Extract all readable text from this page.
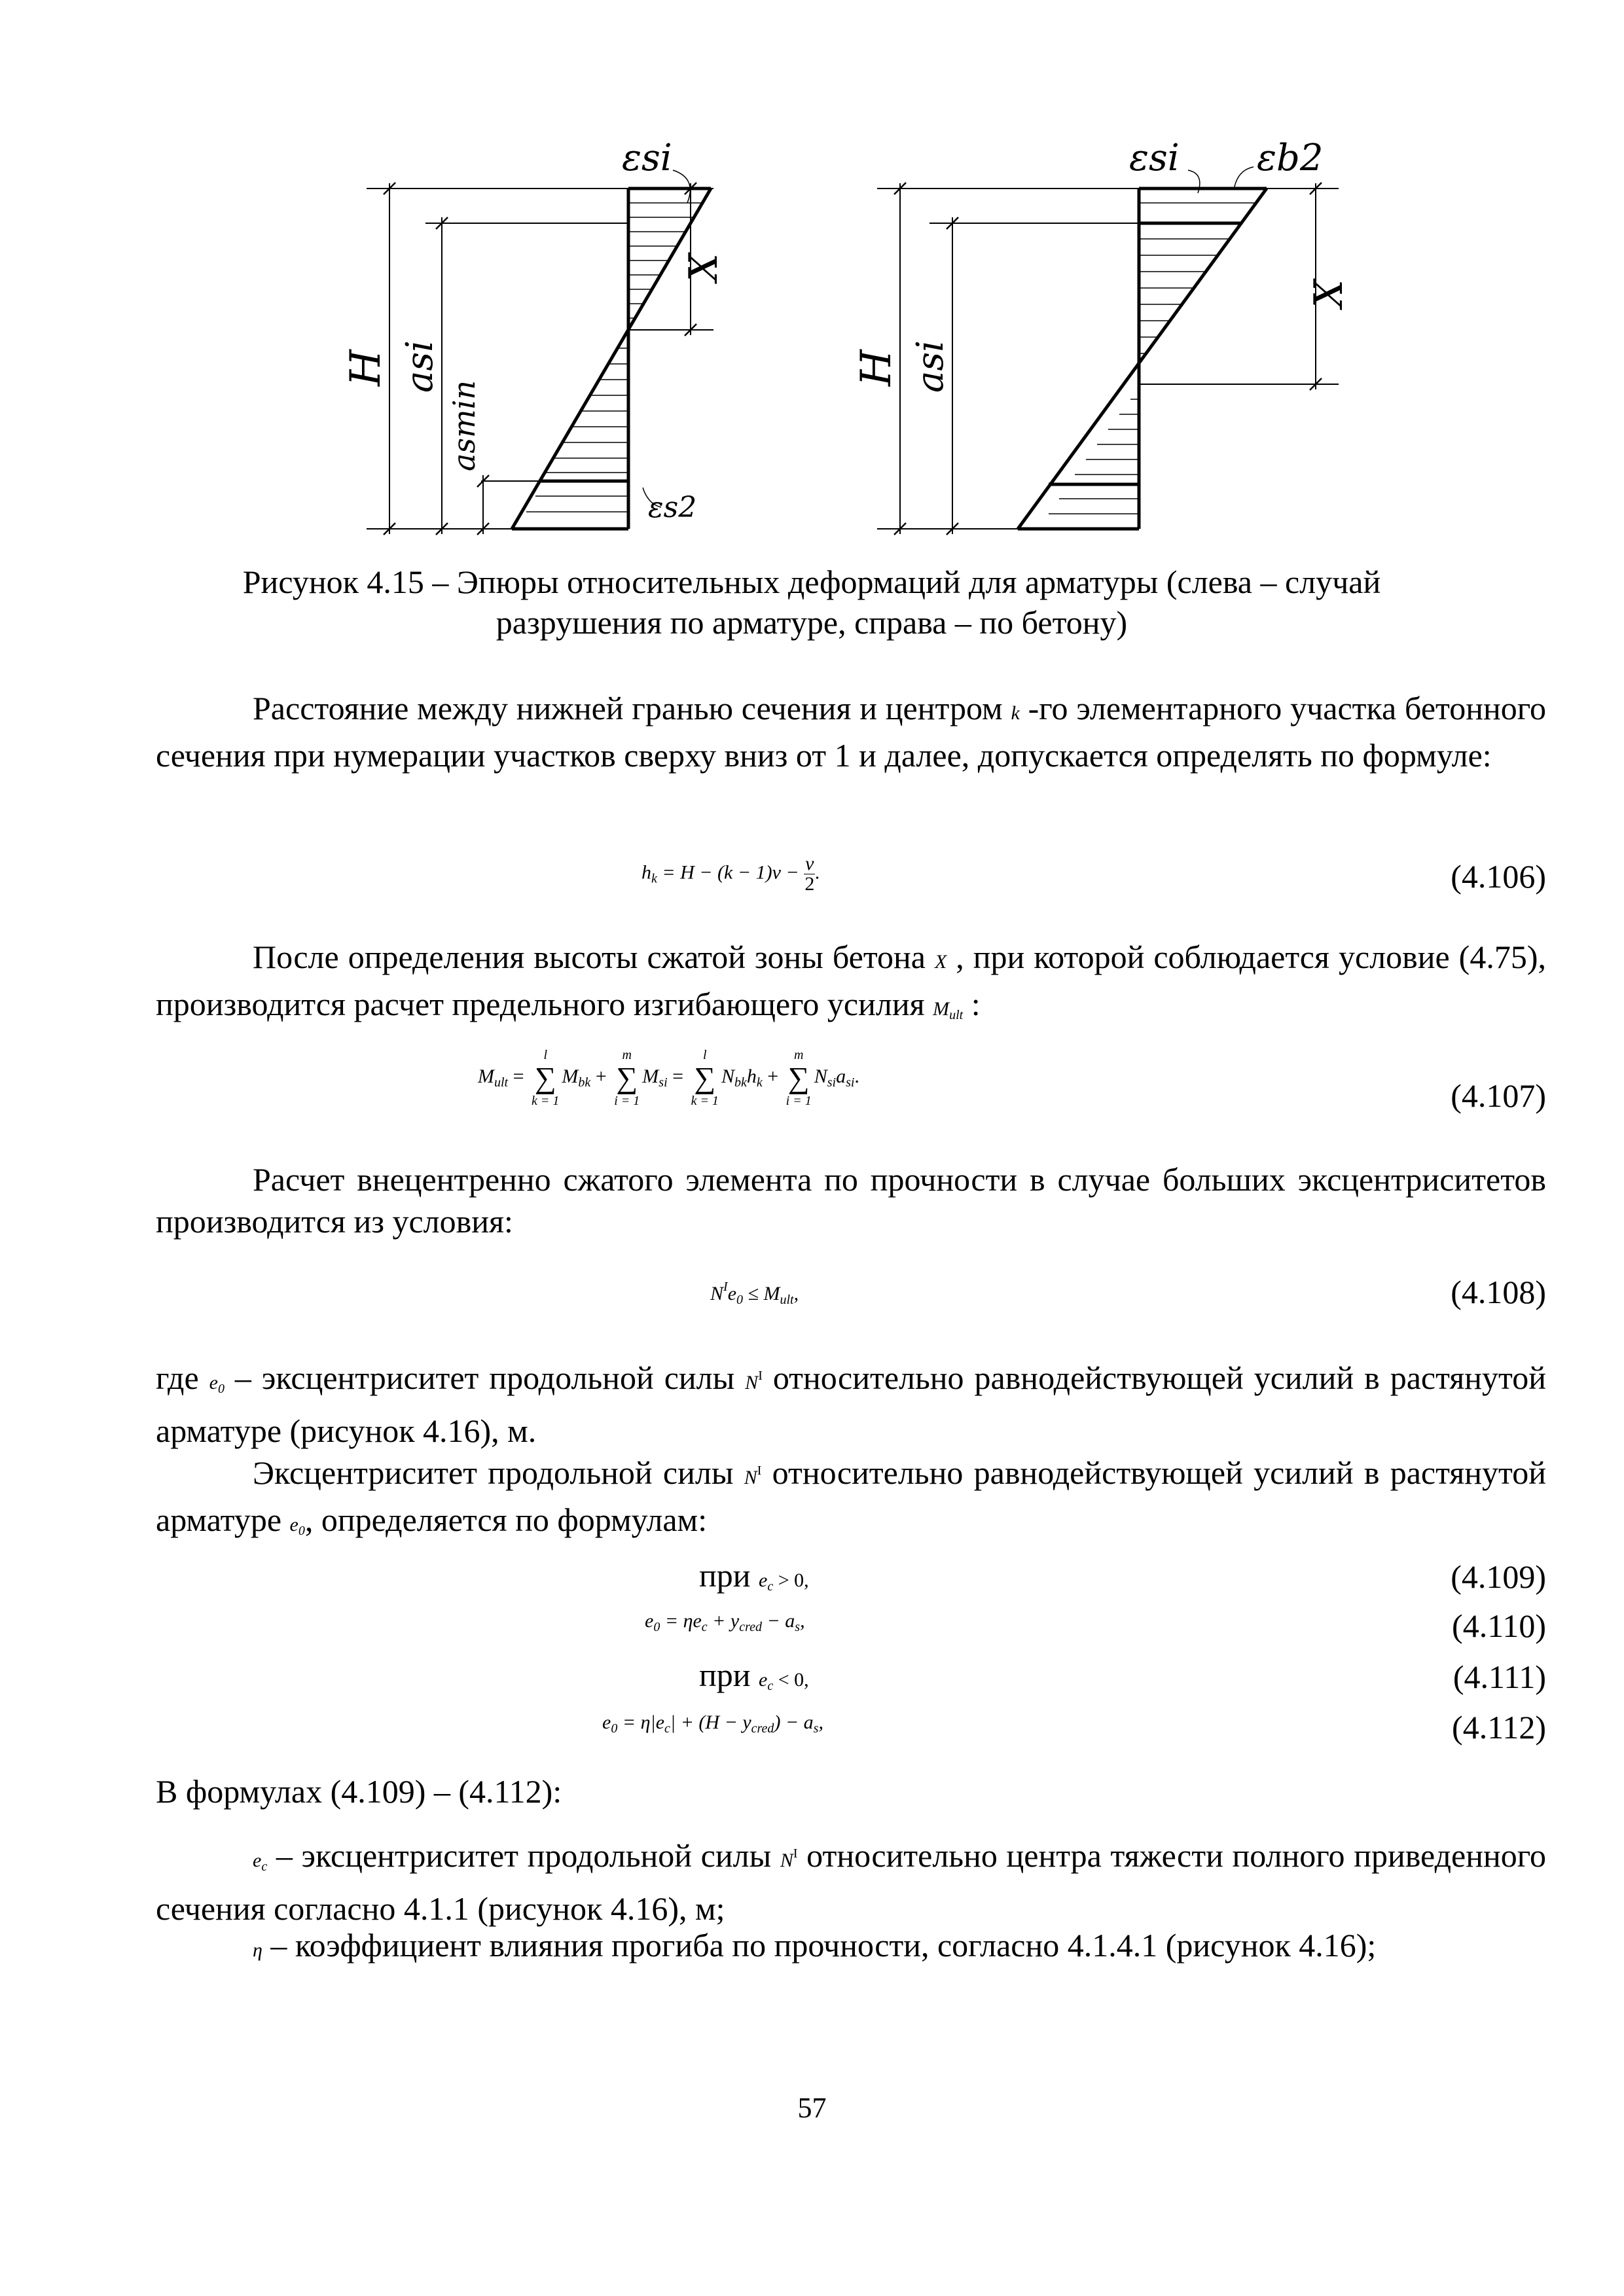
εsi
εs2
H asi
asmin
X
εsi εb2
H asi
X
Рисунок 4.15 – Эпюры относительных деформаций для арматуры (слева – случай
разрушения по арматуре, справа – по бетону)
Расстояние между нижней гранью сечения и центром k -го элементарного участка бетонного сечения при нумерации участков сверху вниз от 1 и далее, допускается определять по формуле:
$h_k = H - (k - 1)v - \frac{v}{2}$ .	(4.106)
После определения высоты сжатой зоны бетона X , при которой соблюдается условие (4.75), производится расчет предельного изгибающего усилия $M_{ult}$ :
$M_{ult}$ =
l
∑
k = 1
$M_{bk}$ +
m
∑
i = 1
$M_{si}$ =
l
∑
k = 1
$N_{bk}h_k$ +
m
∑
i = 1
$N_{si}a_{si}$.
(4.107)
Расчет внецентренно сжатого элемента по прочности в случае больших эксцентриситетов производится из условия:
$N^Ie_0 \le M_{ult}$,	(4.108)
где $e_0$ – эксцентриситет продольной силы $N^I$ относительно равнодействующей усилий в растянутой арматуре (рисунок 4.16), м.
Эксцентриситет продольной силы $N^I$ относительно равнодействующей усилий в растянутой арматуре $e_0$, определяется по формулам:
при $e_c > 0$,	(4.109)
$e_0 = \eta e_c + y_{cred} - a_s$,	(4.110)
при $e_c < 0$,	(4.111)
$e_0 = \eta|e_c| + (H - y_{cred}) - a_s$,	(4.112)
В формулах (4.109) – (4.112):
$e_c$ – эксцентриситет продольной силы $N^I$ относительно центра тяжести полного приведенного сечения согласно 4.1.1 (рисунок 4.16), м;
η – коэффициент влияния прогиба по прочности, согласно 4.1.4.1 (рисунок 4.16);
57
